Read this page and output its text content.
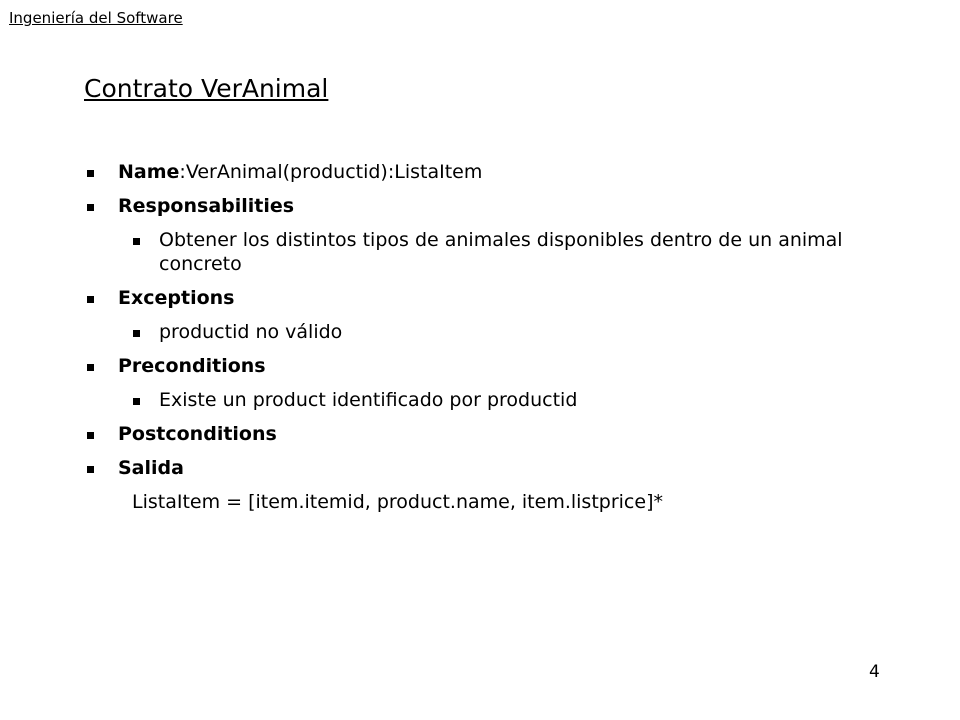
Ingeniería del Software
Contrato VerAnimal
Name:VerAnimal(productid):ListaItem
Responsabilities
Obtener los distintos tipos de animales disponibles dentro de un animal concreto
Exceptions
productid no válido
Preconditions
Existe un product identificado por productid
Postconditions
Salida
ListaItem = [item.itemid, product.name, item.listprice]*
4
